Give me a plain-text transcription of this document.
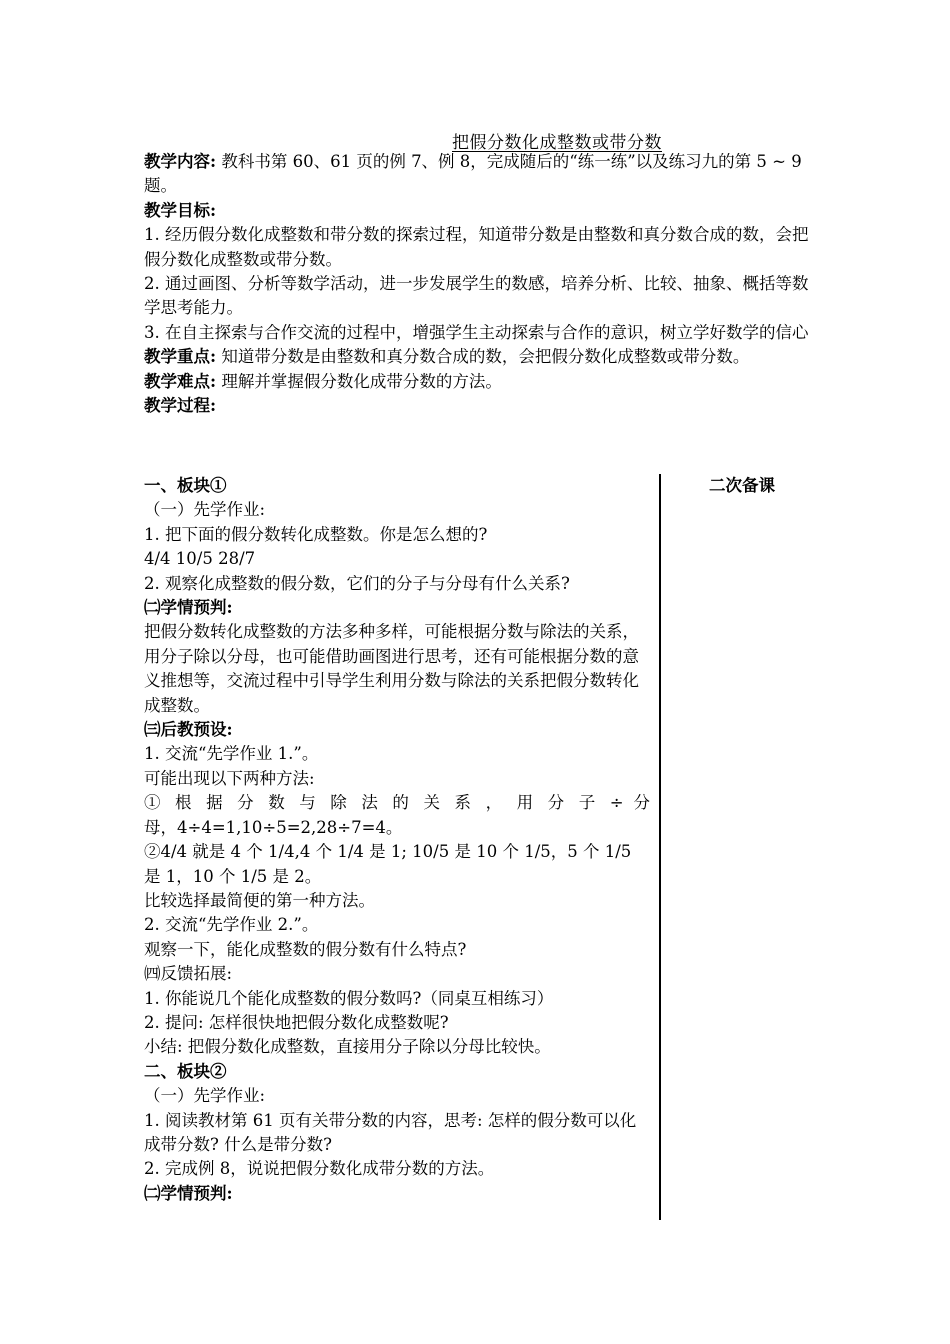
把假分数化成整数或带分数

教学内容: 教科书第 60、61 页的例 7、例 8，完成随后的“练一练”以及练习九的第 5 ~ 9 题。

教学目标:

1. 经历假分数化成整数和带分数的探索过程，知道带分数是由整数和真分数合成的数，会把假分数化成整数或带分数。

2. 通过画图、分析等数学活动，进一步发展学生的数感，培养分析、比较、抽象、概括等数学思考能力。

3. 在自主探索与合作交流的过程中，增强学生主动探索与合作的意识，树立学好数学的信心

教学重点: 知道带分数是由整数和真分数合成的数，会把假分数化成整数或带分数。

教学难点: 理解并掌握假分数化成带分数的方法。

教学过程:

二次备课

一、板块①

（一）先学作业:

1. 把下面的假分数转化成整数。你是怎么想的?

4/4 10/5 28/7

2. 观察化成整数的假分数，它们的分子与分母有什么关系?

㈡学情预判:

把假分数转化成整数的方法多种多样，可能根据分数与除法的关系，用分子除以分母，也可能借助画图进行思考，还有可能根据分数的意义推想等，交流过程中引导学生利用分数与除法的关系把假分数转化成整数。

㈢后教预设:

1. 交流“先学作业 1.”。

可能出现以下两种方法:

① 根 据 分 数 与 除 法 的 关 系 ， 用 分 子 ÷ 分

母，4÷4=1,10÷5=2,28÷7=4。

②4/4 就是 4 个 1/4,4 个 1/4 是 1; 10/5 是 10 个 1/5，5 个 1/5 是 1，10 个 1/5 是 2。

比较选择最简便的第一种方法。

2. 交流“先学作业 2.”。

观察一下，能化成整数的假分数有什么特点?

㈣反馈拓展:

1. 你能说几个能化成整数的假分数吗?（同桌互相练习）

2. 提问: 怎样很快地把假分数化成整数呢?

小结: 把假分数化成整数，直接用分子除以分母比较快。

二、板块②

（一）先学作业:

1. 阅读教材第 61 页有关带分数的内容，思考: 怎样的假分数可以化成带分数? 什么是带分数?

2. 完成例 8，说说把假分数化成带分数的方法。

㈡学情预判:
